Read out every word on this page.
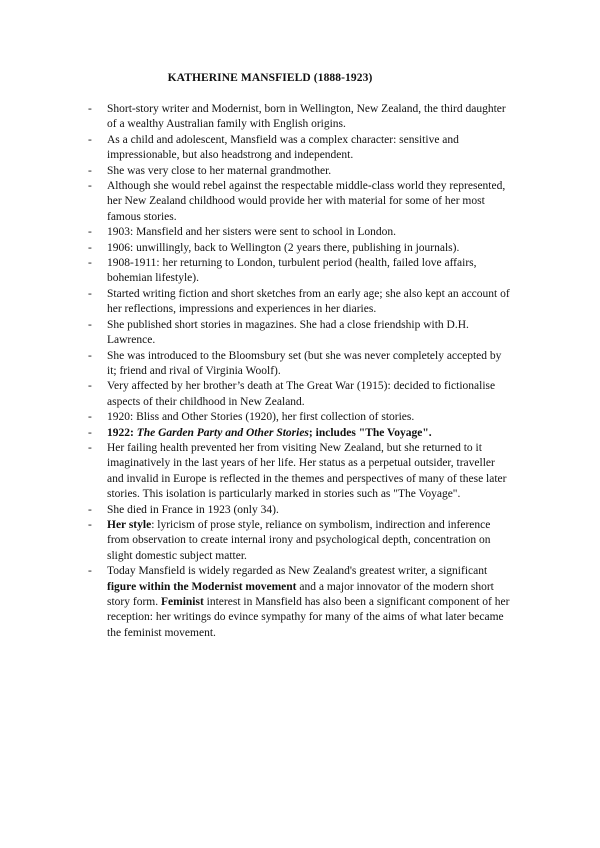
KATHERINE MANSFIELD (1888-1923)
- Short-story writer and Modernist, born in Wellington, New Zealand, the third daughter of a wealthy Australian family with English origins.
- As a child and adolescent, Mansfield was a complex character: sensitive and impressionable, but also headstrong and independent.
- She was very close to her maternal grandmother.
- Although she would rebel against the respectable middle-class world they represented, her New Zealand childhood would provide her with material for some of her most famous stories.
- 1903: Mansfield and her sisters were sent to school in London.
- 1906: unwillingly, back to Wellington (2 years there, publishing in journals).
- 1908-1911: her returning to London, turbulent period (health, failed love affairs, bohemian lifestyle).
- Started writing fiction and short sketches from an early age; she also kept an account of her reflections, impressions and experiences in her diaries.
- She published short stories in magazines. She had a close friendship with D.H. Lawrence.
- She was introduced to the Bloomsbury set (but she was never completely accepted by it; friend and rival of Virginia Woolf).
- Very affected by her brother’s death at The Great War (1915): decided to fictionalise aspects of their childhood in New Zealand.
- 1920: Bliss and Other Stories (1920), her first collection of stories.
- 1922: The Garden Party and Other Stories; includes "The Voyage".
- Her failing health prevented her from visiting New Zealand, but she returned to it imaginatively in the last years of her life. Her status as a perpetual outsider, traveller and invalid in Europe is reflected in the themes and perspectives of many of these later stories. This isolation is particularly marked in stories such as "The Voyage".
- She died in France in 1923 (only 34).
- Her style: lyricism of prose style, reliance on symbolism, indirection and inference from observation to create internal irony and psychological depth, concentration on slight domestic subject matter.
- Today Mansfield is widely regarded as New Zealand's greatest writer, a significant figure within the Modernist movement and a major innovator of the modern short story form. Feminist interest in Mansfield has also been a significant component of her reception: her writings do evince sympathy for many of the aims of what later became the feminist movement.
